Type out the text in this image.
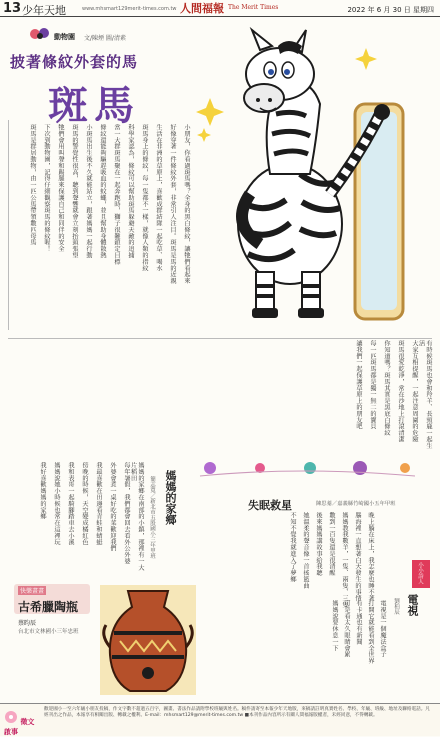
13 少年天地	www.mhsmart129merit-times.com.tw 人間福報 The Merit Times	2022 年 6 月 30 日 星期四
動物園 文/陳煙 圖/清素
披著條紋外套的馬
斑馬
小朋友，你看過斑馬嗎？全身的黑白條紋，讓牠們看起來
好像穿著一件條紋外套，非常引人注目。斑馬是馬的近親
生活在非洲的草原上，喜歡成群結隊一起吃草、喝水
斑馬身上的條紋，每一隻都不一樣，就像人類的指紋
科學家認為，條紋可以幫助斑馬躲避天敵的追捕
當一大群斑馬聚在一起奔跑時，獅子很難鎖定目標
條紋還能夠驅趕吸血的蚊蠅，並且幫助身體散熱
小斑馬出生後不久就能站立，跟著媽媽一起行動
斑馬的警覺性很高，聽到聲響就會立刻抬頭張望
牠們會用叫聲和踢腿來保護自己和同伴的安全
下次到動物園，記得仔細觀察斑馬的條紋喔！
斑馬是群居動物，由一匹公馬帶領數匹母馬
有時候斑馬也會和羚羊、長頸鹿一起生活
大家互相提醒，一起注意周圍的危險
斑馬很愛乾淨，常在沙地上打滾清潔
你知道嗎？斑馬其實是黑底白條紋
每一匹斑馬都是獨一無二的寶貝
讓我們一起保護草原上的朋友吧
媽媽的家鄉
簡志寬／新北市五股國小三年甲班
媽媽的家鄉在南部的小鎮，那裡有一大片稻田
每年暑假，我們都會回去看外公外婆
外婆會煮一桌好吃的菜歡迎我們
我最喜歡在田邊看青蛙和蜻蜓
傍晚的時候，天空變成橘紅色
我和表哥一起騎腳踏車去小溪
媽媽說她小時候也常在這裡玩
我好喜歡媽媽的家鄉	失眠救星	陳思蓁／嘉義縣竹崎國小五年甲班
晚上躺在床上，我怎麼也睡不著
腦海裡一直想著白天發生的事情
媽媽教我數羊，一隻、兩隻、三隻
數到一百隻還是很清醒
後來媽媽講故事給我聽
她溫柔的聲音像一首搖籃曲
不知不覺我就進入了夢鄉
快樂畫畫
古希臘陶瓶
蔡昀辰
台北市文林國小三年忠班
小小詩人
電視
劉柏辰
電視是一個魔法盒子
打開它就能看到全世界
有卡通也有新聞
可是看太久眼睛會累
媽媽說要休息一下
徵文啟事
歡迎國小一至六年級小朋友投稿，作文字數不超過五百字，圖畫、書法作品請附學校班級與姓名。稿件請寄至本報少年天地版，來稿請註明真實姓名、學校、年級、班級、地址及聯絡電話。凡經刊出之作品，本報享有相關出版、轉載之權利。E-mail：mhsmart129@merit-times.com.tw ■本刊作品內容所示有關人間福報版權者，未經同意，不得轉載。
